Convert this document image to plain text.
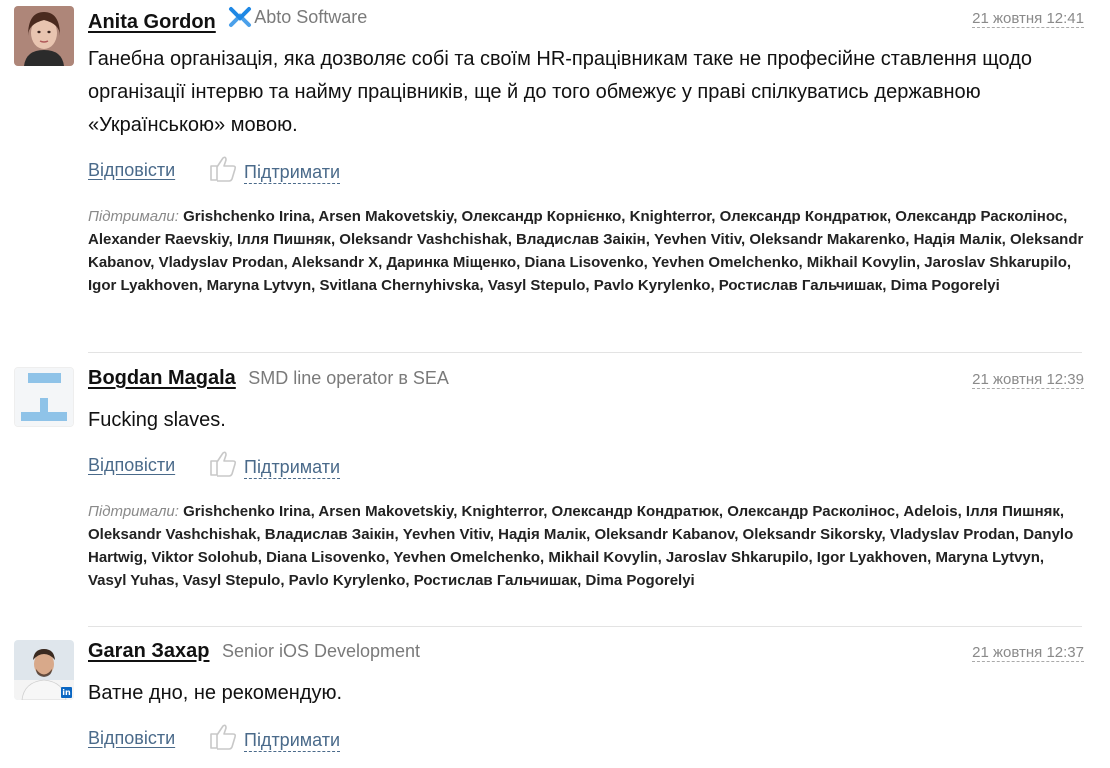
Anita Gordon Abto Software	21 жовтня 12:41

Ганебна організація, яка дозволяє собі та своїм HR-працівникам таке не професійне ставлення щодо організації інтервю та найму працівників, ще й до того обмежує у праві спілкуватись державною «Українською» мовою.

Відповісти	Підтримати
Підтримали: Grishchenko Irina, Arsen Makovetskiy, Олександр Корнієнко, Knighterror, Олександр Кондратюк, Олександр Расколінос, Alexander Raevskiy, Ілля Пишняк, Oleksandr Vashchishak, Владислав Заікін, Yevhen Vitiv, Oleksandr Makarenko, Надія Малік, Oleksandr Kabanov, Vladyslav Prodan, Aleksandr X, Даринка Міщенко, Diana Lisovenko, Yevhen Omelchenko, Mikhail Kovylin, Jaroslav Shkarupilo, Igor Lyakhoven, Maryna Lytvyn, Svitlana Chernyhivska, Vasyl Stepulo, Pavlo Kyrylenko, Ростислав Гальчишак, Dima Pogorelyi
Bogdan Magala SMD line operator в SEA	21 жовтня 12:39

Fucking slaves.

Відповісти	Підтримати
Підтримали: Grishchenko Irina, Arsen Makovetskiy, Knighterror, Олександр Кондратюк, Олександр Расколінос, Adelois, Ілля Пишняк, Oleksandr Vashchishak, Владислав Заікін, Yevhen Vitiv, Надія Малік, Oleksandr Kabanov, Oleksandr Sikorsky, Vladyslav Prodan, Danylo Hartwig, Viktor Solohub, Diana Lisovenko, Yevhen Omelchenko, Mikhail Kovylin, Jaroslav Shkarupilo, Igor Lyakhoven, Maryna Lytvyn, Vasyl Yuhas, Vasyl Stepulo, Pavlo Kyrylenko, Ростислав Гальчишак, Dima Pogorelyi
in
Garan Захар Senior iOS Development	21 жовтня 12:37

Ватне дно, не рекомендую.

Відповісти	Підтримати
